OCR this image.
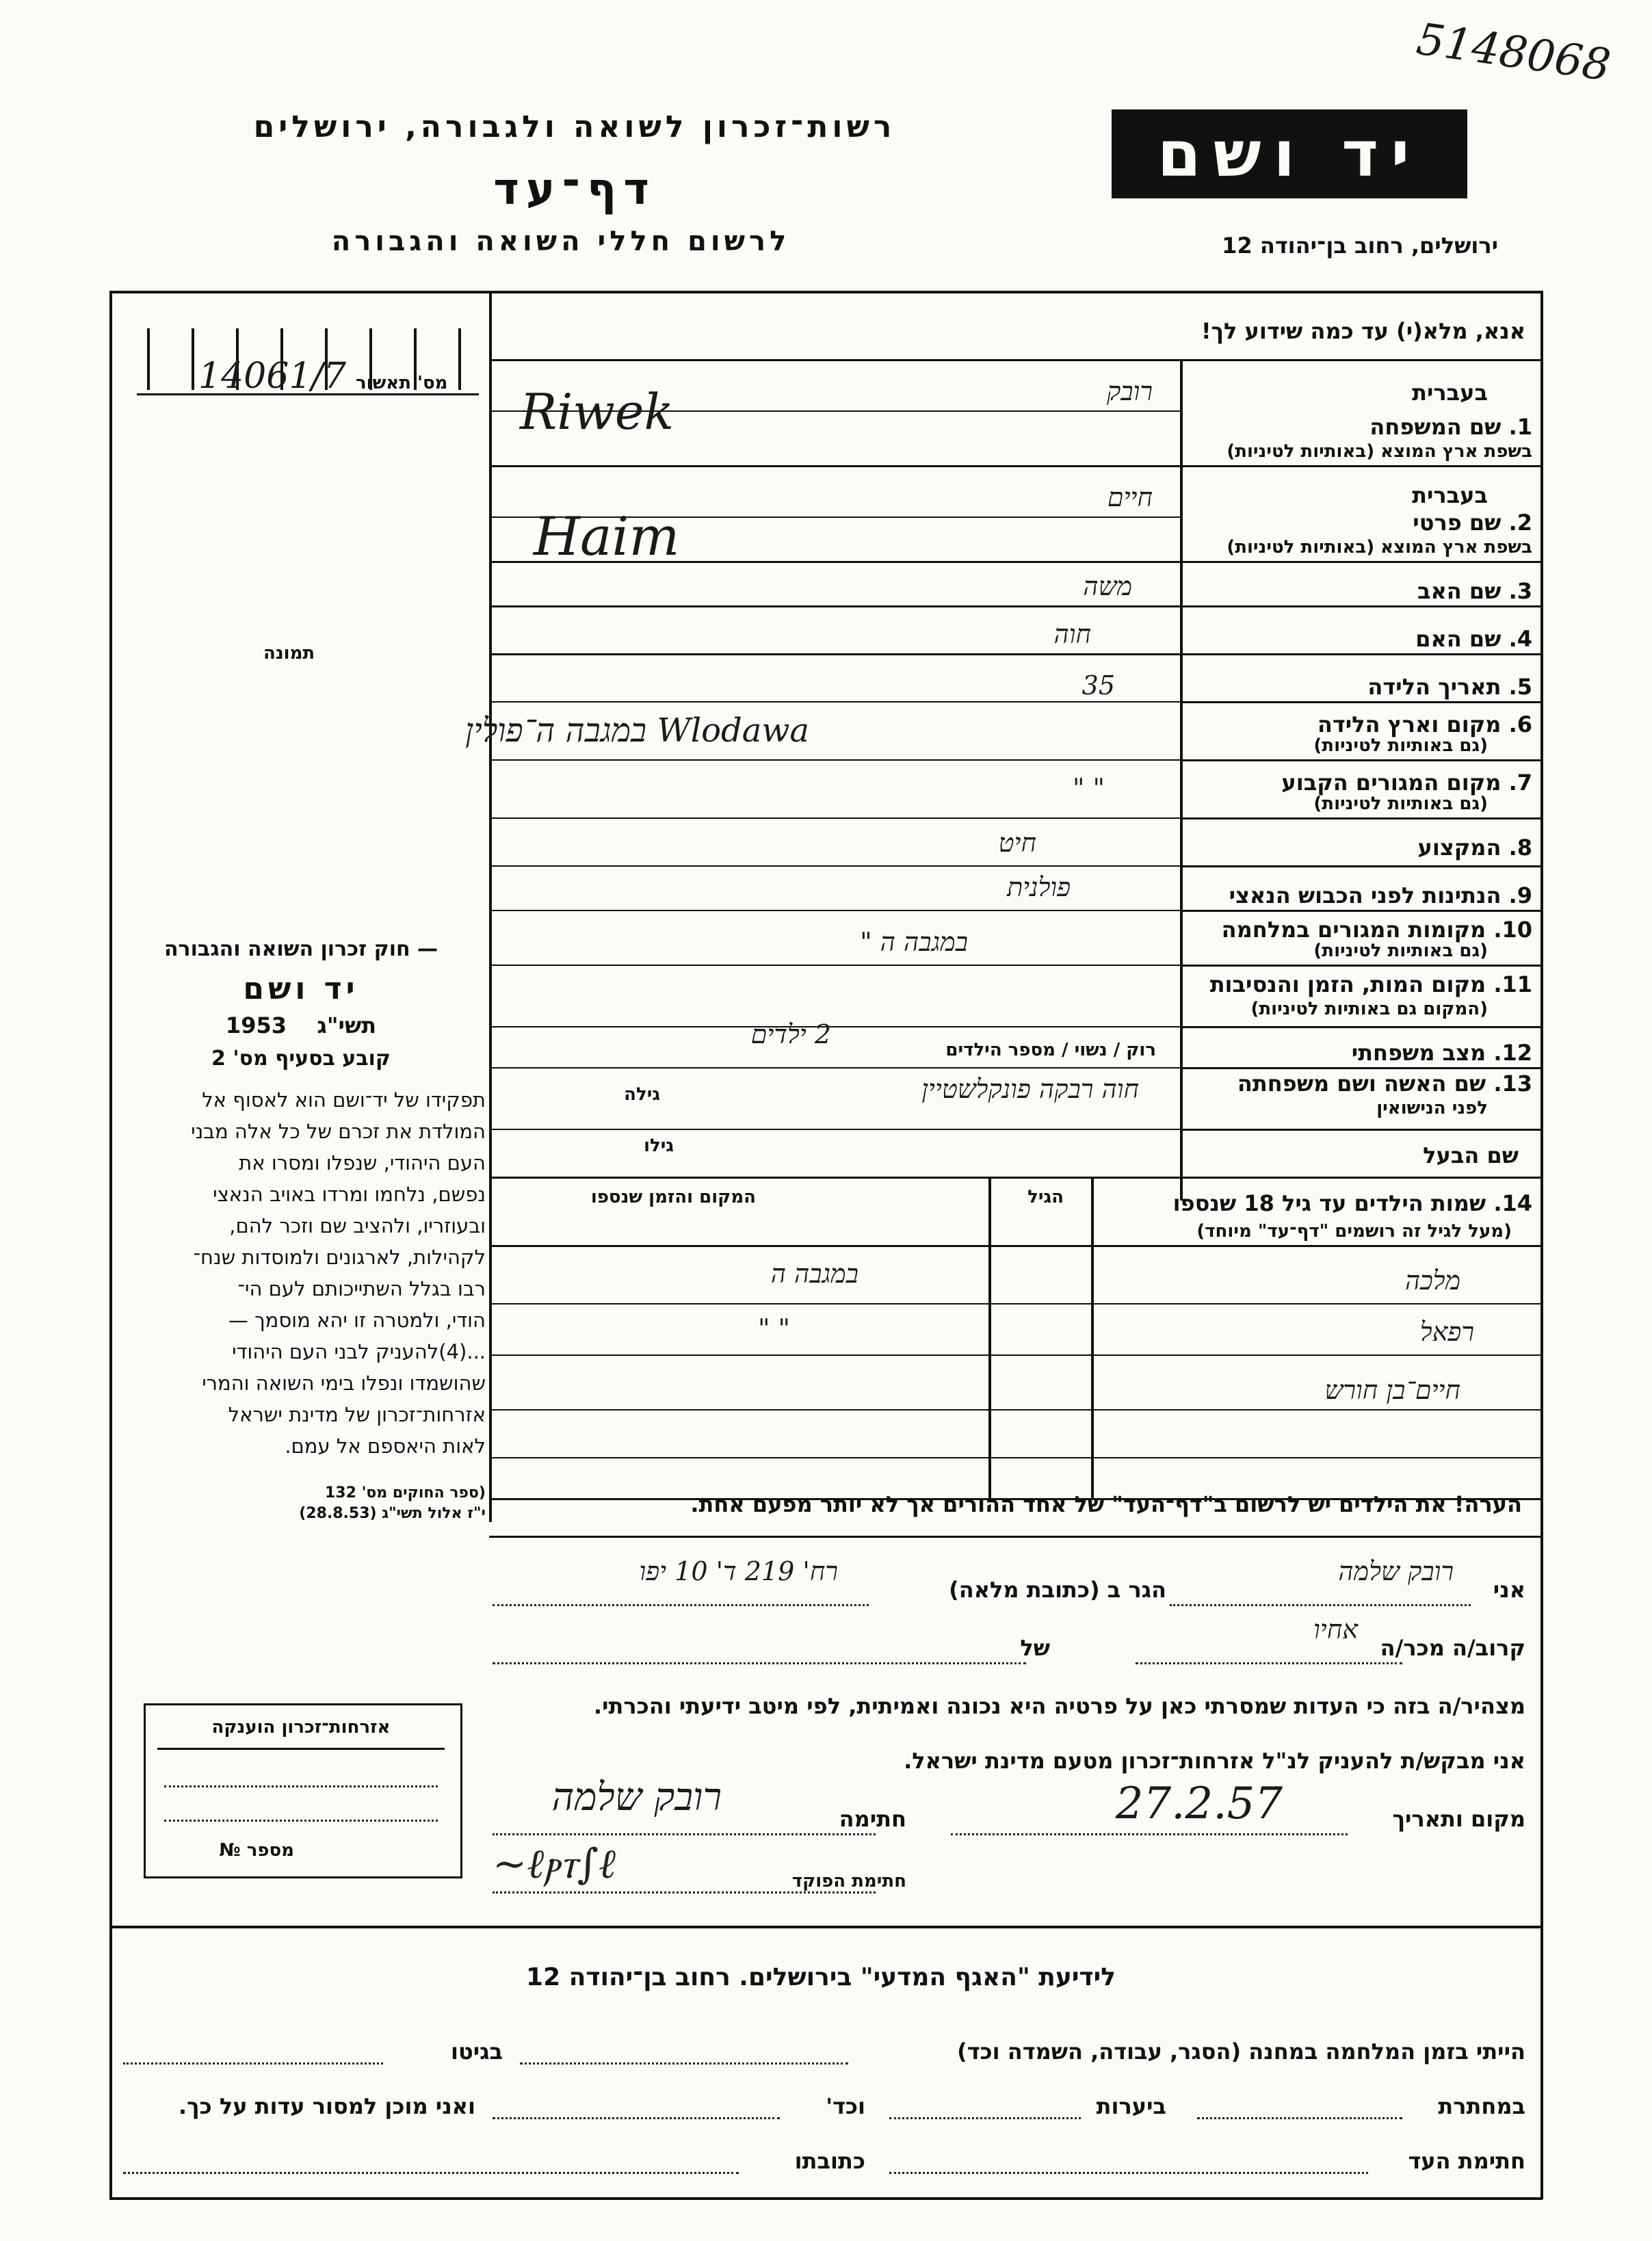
5148068
רשות־זכרון לשואה ולגבורה, ירושלים
דף־עד
לרשום חללי השואה והגבורה
יד ושם
ירושלים, רחוב בן־יהודה 12
אנא, מלא(י) עד כמה שידוע לך!
14061/7 מס' תאשור
תמונה
— חוק זכרון השואה והגבורה
יד ושם
1953 תשי"ג
קובע בסעיף מס' 2
תפקידו של יד־ושם הוא לאסוף אל
המולדת את זכרם של כל אלה מבני
העם היהודי, שנפלו ומסרו את
נפשם, נלחמו ומרדו באויב הנאצי
ובעוזריו, ולהציב שם וזכר להם,
לקהילות, לארגונים ולמוסדות שנח־
רבו בגלל השתייכותם לעם הי־
הודי, ולמטרה זו יהא מוסמך —
...(4)להעניק לבני העם היהודי
שהושמדו ונפלו בימי השואה והמרי
אזרחות־זכרון של מדינת ישראל
לאות היאספם אל עמם.
(ספר החוקים מס' 132
י"ז אלול תשי"ג (28.8.53)
בעברית
1. שם המשפחה
בשפת ארץ המוצא (באותיות לטיניות)
רובק
Riwek
בעברית
2. שם פרטי
בשפת ארץ המוצא (באותיות לטיניות)
חיים
Haim
3. שם האב
משה
4. שם האם
חוה
5. תאריך הלידה
35
6. מקום וארץ הלידה
(גם באותיות לטיניות)
במגבה ה־פולין Wlodawa
7. מקום המגורים הקבוע
(גם באותיות לטיניות)
" "
8. המקצוע
חיט
9. הנתינות לפני הכבוש הנאצי
פולנית
10. מקומות המגורים במלחמה
(גם באותיות לטיניות)
במגבה ה "
11. מקום המות, הזמן והנסיבות
(המקום גם באותיות לטיניות)
12. מצב משפחתי
רוק / נשוי / מספר הילדים
2 ילדים
13. שם האשה ושם משפחתה
לפני הנישואין
גילה	חוה רבקה פונקלשטיין
שם הבעל
גילו
14. שמות הילדים עד גיל 18 שנספו
(מעל לגיל זה רושמים "דף־עד" מיוחד)
הגיל
המקום והזמן שנספו
מלכה
במגבה ה
רפאל
" "
חיים־בן חורש
הערה! את הילדים יש לרשום ב"דף־העד" של אחד ההורים אך לא יותר מפעם אחת.
אני
רובק שלמה
הגר ב (כתובת מלאה)
רח' 219 ד' 10 יפו
קרוב/ה מכר/ה
אחיו
של
מצהיר/ה בזה כי העדות שמסרתי כאן על פרטיה היא נכונה ואמיתית, לפי מיטב ידיעתי והכרתי.
אני מבקש/ת להעניק לנ"ל אזרחות־זכרון מטעם מדינת ישראל.
מקום ותאריך
27.2.57
חתימה
רובק שלמה
חתימת הפוקד
~ℓⲣⲧ∫ℓ
אזרחות־זכרון הוענקה
מספר №
לידיעת "האגף המדעי" בירושלים. רחוב בן־יהודה 12
הייתי בזמן המלחמה במחנה (הסגר, עבודה, השמדה וכד)
בגיטו
במחתרת
ביערות
וכד'
ואני מוכן למסור עדות על כך.
חתימת העד
כתובתו
